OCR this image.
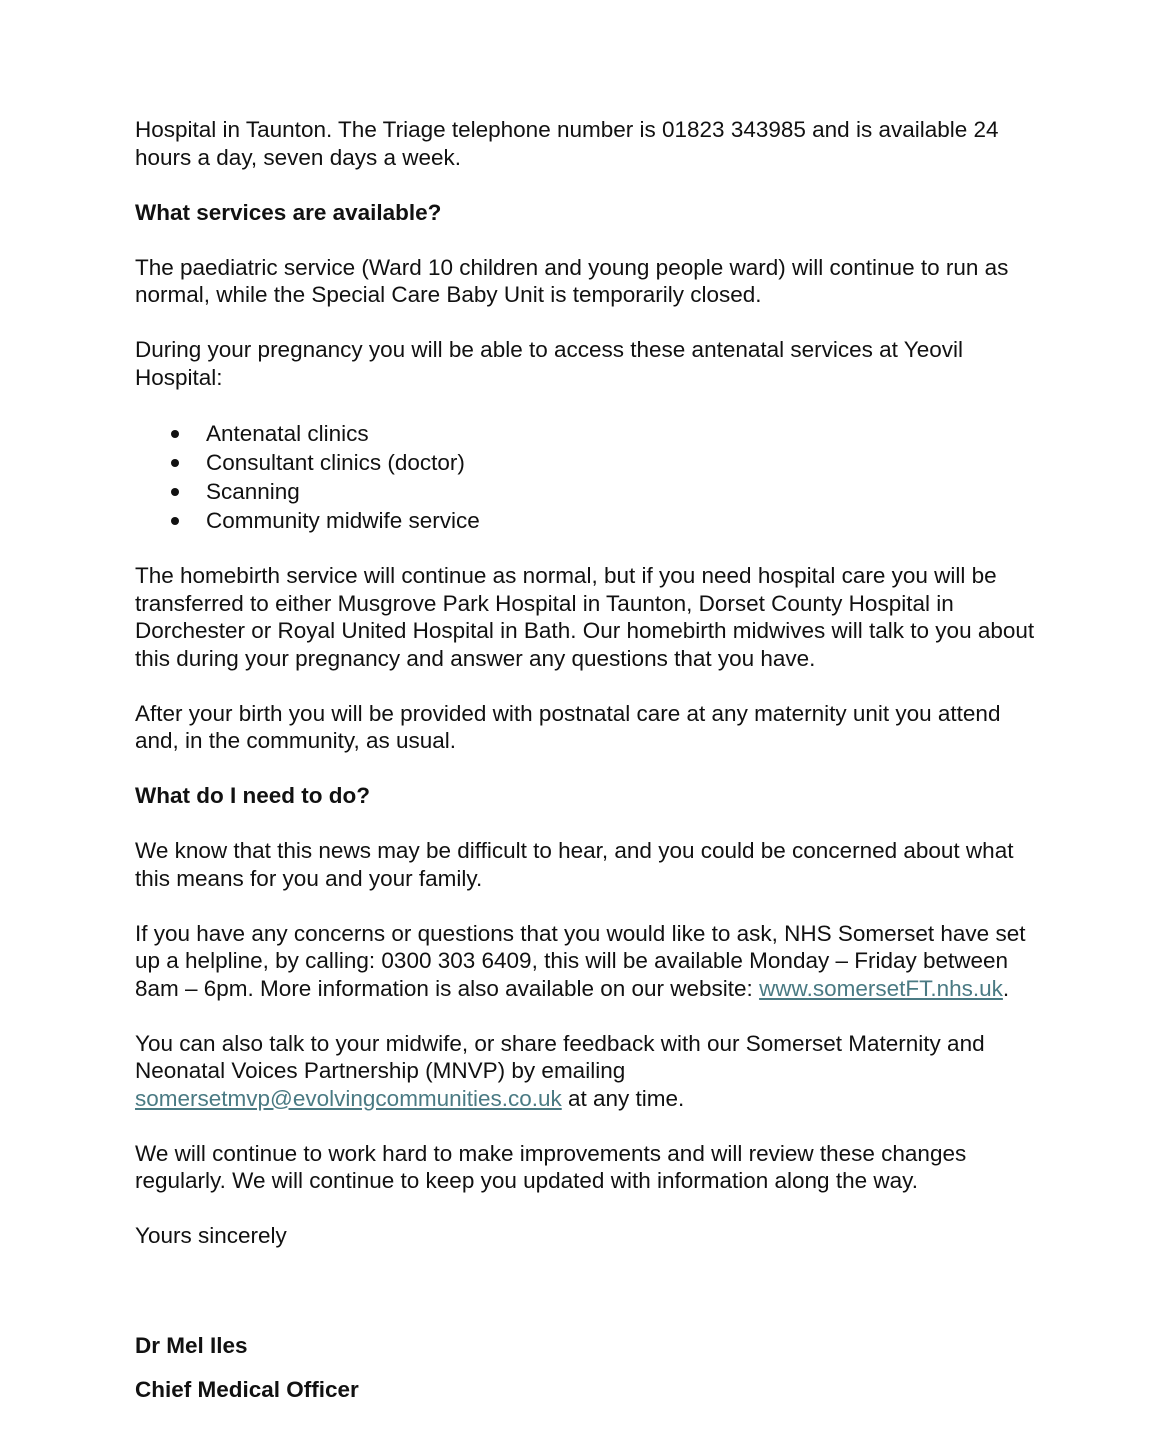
Hospital in Taunton. The Triage telephone number is 01823 343985 and is available 24 hours a day, seven days a week.

What services are available?

The paediatric service (Ward 10 children and young people ward) will continue to run as normal, while the Special Care Baby Unit is temporarily closed.

During your pregnancy you will be able to access these antenatal services at Yeovil Hospital:

Antenatal clinics
Consultant clinics (doctor)
Scanning
Community midwife service

The homebirth service will continue as normal, but if you need hospital care you will be transferred to either Musgrove Park Hospital in Taunton, Dorset County Hospital in Dorchester or Royal United Hospital in Bath. Our homebirth midwives will talk to you about this during your pregnancy and answer any questions that you have.

After your birth you will be provided with postnatal care at any maternity unit you attend and, in the community, as usual.

What do I need to do?

We know that this news may be difficult to hear, and you could be concerned about what this means for you and your family.

If you have any concerns or questions that you would like to ask, NHS Somerset have set up a helpline, by calling: 0300 303 6409, this will be available Monday – Friday between 8am – 6pm. More information is also available on our website: www.somersetFT.nhs.uk.

You can also talk to your midwife, or share feedback with our Somerset Maternity and Neonatal Voices Partnership (MNVP) by emailing somersetmvp@evolvingcommunities.co.uk at any time.

We will continue to work hard to make improvements and will review these changes regularly. We will continue to keep you updated with information along the way.

Yours sincerely

Dr Mel Iles

Chief Medical Officer
